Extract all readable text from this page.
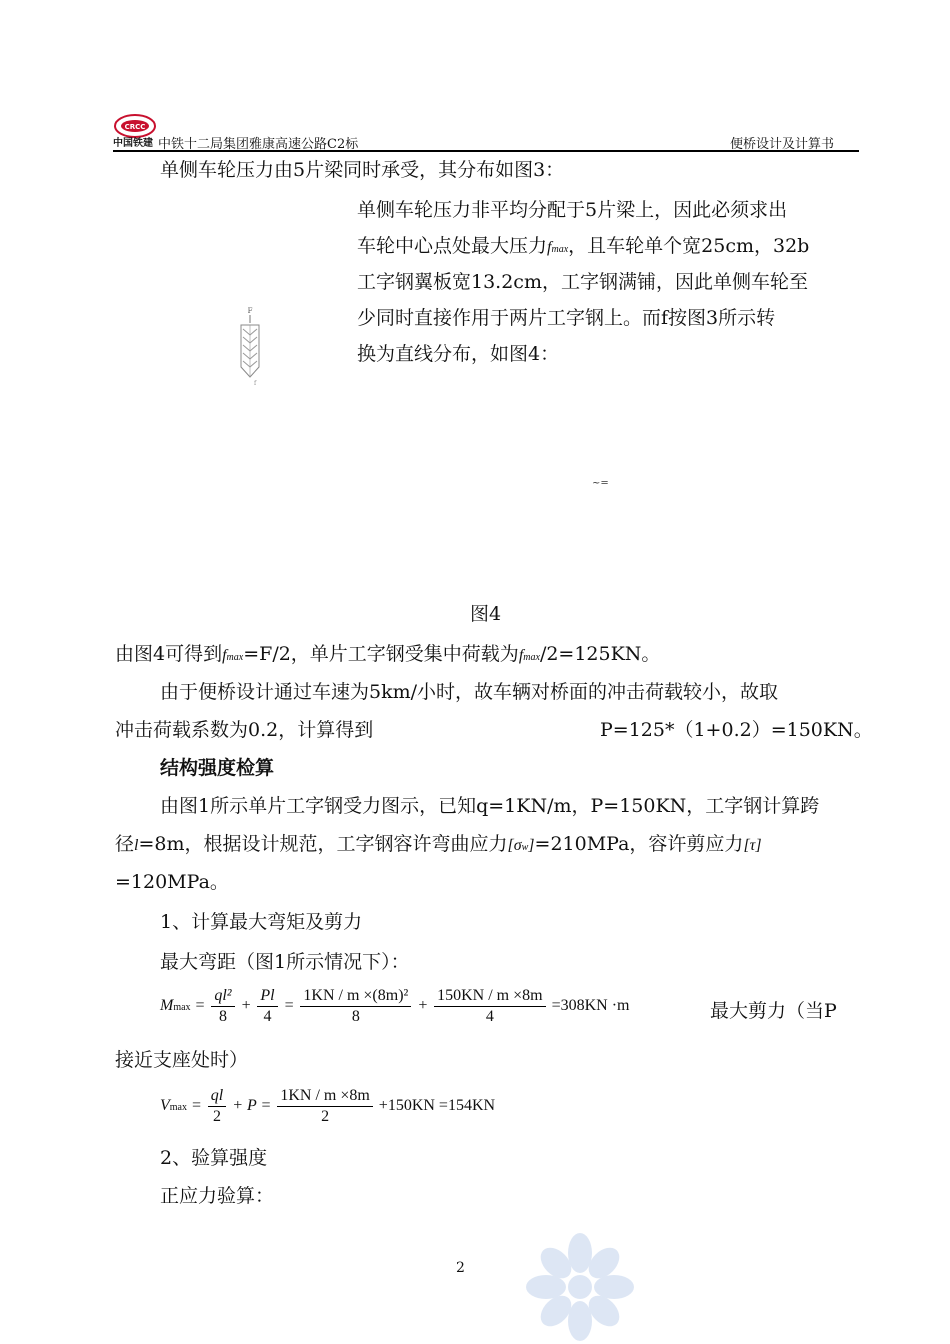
CRCC
中国铁建 中铁十二局集团雅康高速公路C2标	便桥设计及计算书
单侧车轮压力由5片梁同时承受，其分布如图3：
F
f
单侧车轮压力非平均分配于5片梁上，因此必须求出
车轮中心点处最大压力fmax，且车轮单个宽25cm，32b
工字钢翼板宽13.2cm，工字钢满铺，因此单侧车轮至
少同时直接作用于两片工字钢上。而f按图3所示转
换为直线分布，如图4：
~=
图4
由图4可得到fmax=F/2，单片工字钢受集中荷载为fmax/2=125KN。
由于便桥设计通过车速为5km/小时，故车辆对桥面的冲击荷载较小，故取
冲击荷载系数为0.2，计算得到	P=125*（1+0.2）=150KN。
结构强度检算
由图1所示单片工字钢受力图示，已知q=1KN/m，P=150KN，工字钢计算跨
径l=8m，根据设计规范，工字钢容许弯曲应力[σw]=210MPa，容许剪应力[τ]
=120MPa。
1、计算最大弯矩及剪力
最大弯距（图1所示情况下）：
$Mmax = \frac{\text{ql²}}{8} + \frac{Pl}{4} = \frac{\text{1KN / m ×(8m)²}}{8} + \frac{150KN / m \times 8m}{4} =308KN \cdot m$	最大剪力（当P
接近支座处时）
$Vmax = \frac{ql}{2} + P = \frac{1KN / m \times 8m}{2} +150KN =154KN$
2、验算强度
正应力验算：
2
